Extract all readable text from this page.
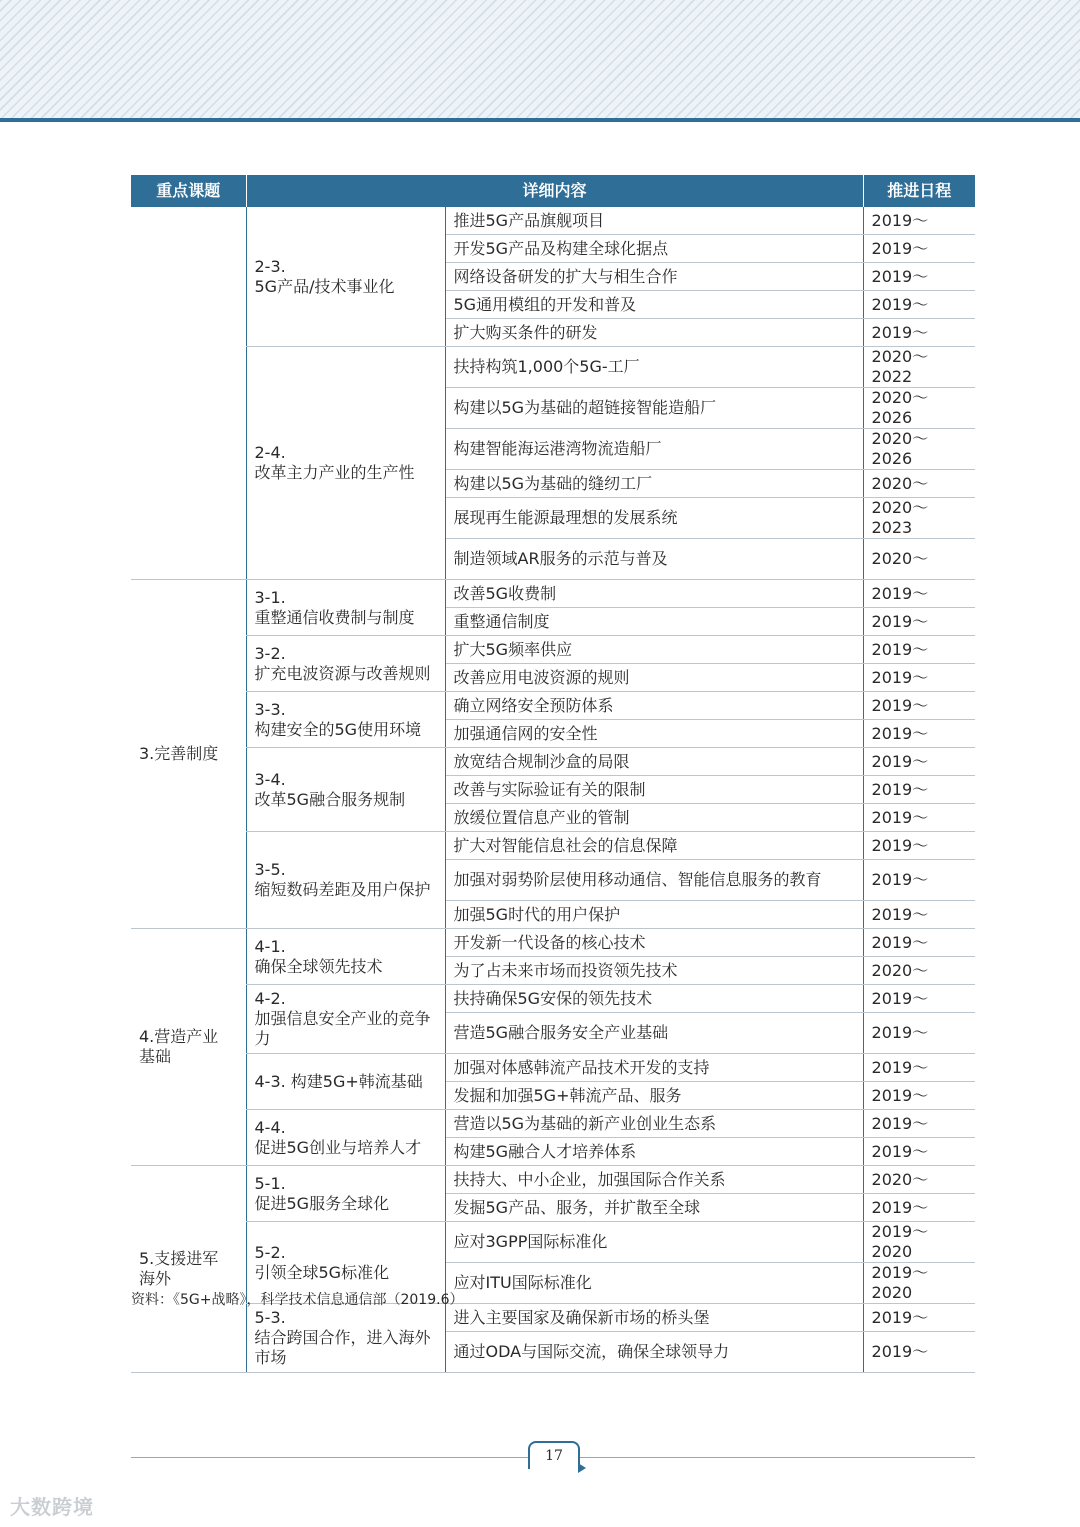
重点课题	详细内容		推进日程
	2-3.
5G产品/技术事业化	推进5G产品旗舰项目	2019～
		开发5G产品及构建全球化据点	2019～
		网络设备研发的扩大与相生合作	2019～
		5G通用模组的开发和普及	2019～
		扩大购买条件的研发	2019～
	2-4.
改革主力产业的生产性	扶持构筑1,000个5G-工厂	2020～2022
		构建以5G为基础的超链接智能造船厂	2020～2026
		构建智能海运港湾物流造船厂	2020～2026
		构建以5G为基础的缝纫工厂	2020～
		展现再生能源最理想的发展系统	2020～2023
		制造领域AR服务的示范与普及	2020～
3.完善制度	3-1.
重整通信收费制与制度	改善5G收费制	2019～
		重整通信制度	2019～
	3-2.
扩充电波资源与改善规则	扩大5G频率供应	2019～
		改善应用电波资源的规则	2019～
	3-3.
构建安全的5G使用环境	确立网络安全预防体系	2019～
		加强通信网的安全性	2019～
	3-4.
改革5G融合服务规制	放宽结合规制沙盒的局限	2019～
		改善与实际验证有关的限制	2019～
		放缓位置信息产业的管制	2019～
	3-5.
缩短数码差距及用户保护	扩大对智能信息社会的信息保障	2019～
		加强对弱势阶层使用移动通信、智能信息服务的教育	2019～
		加强5G时代的用户保护	2019～
4.营造产业
基础	4-1.
确保全球领先技术	开发新一代设备的核心技术	2019～
		为了占未来市场而投资领先技术	2020～
	4-2.
加强信息安全产业的竞争力	扶持确保5G安保的领先技术	2019～
		营造5G融合服务安全产业基础	2019～
	4-3. 构建5G+韩流基础	加强对体感韩流产品技术开发的支持	2019～
		发掘和加强5G+韩流产品、服务	2019～
	4-4.
促进5G创业与培养人才	营造以5G为基础的新产业创业生态系	2019～
		构建5G融合人才培养体系	2019～
5.支援进军
海外	5-1.
促进5G服务全球化	扶持大、中小企业，加强国际合作关系	2020～
		发掘5G产品、服务，并扩散至全球	2019～
	5-2.
引领全球5G标准化	应对3GPP国际标准化	2019～2020
		应对ITU国际标准化	2019～2020
	5-3.
结合跨国合作，进入海外市场	进入主要国家及确保新市场的桥头堡	2019～
		通过ODA与国际交流，确保全球领导力	2019～
资料：《5G+战略》，科学技术信息通信部（2019.6）
17
大数跨境
